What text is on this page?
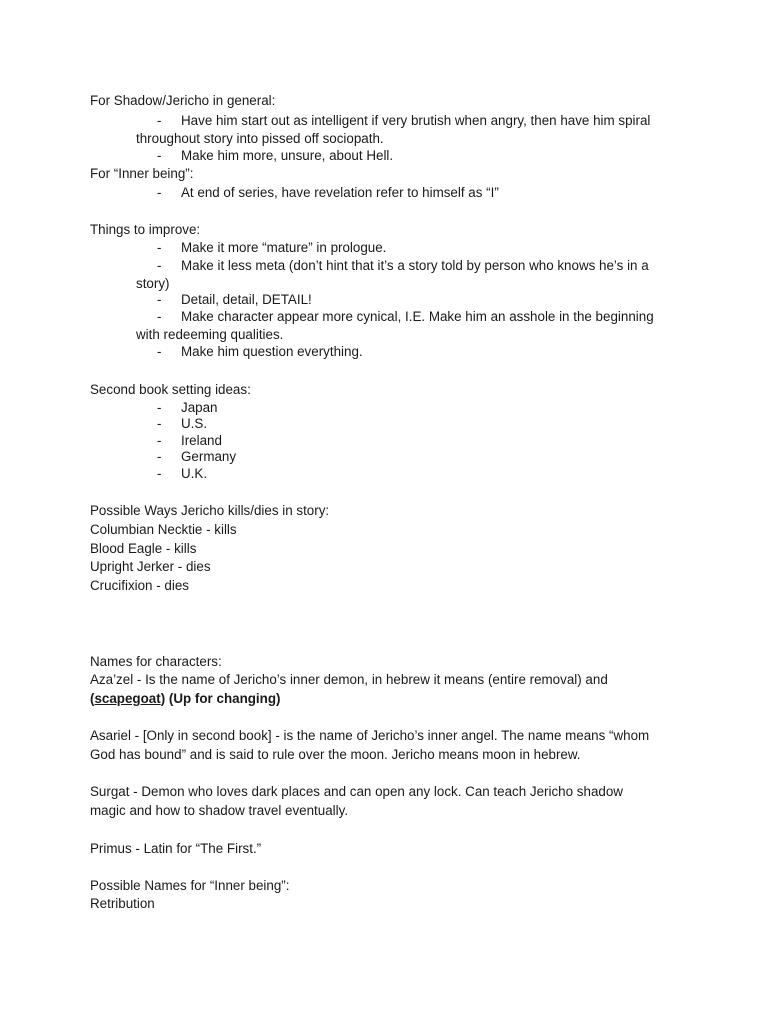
For Shadow/Jericho in general:
- Have him start out as intelligent if very brutish when angry, then have him spiral
throughout story into pissed off sociopath.
- Make him more, unsure, about Hell.
For “Inner being”:
- At end of series, have revelation refer to himself as “I”
Things to improve:
- Make it more “mature” in prologue.
- Make it less meta (don’t hint that it’s a story told by person who knows he’s in a
story)
- Detail, detail, DETAIL!
- Make character appear more cynical, I.E. Make him an asshole in the beginning
with redeeming qualities.
- Make him question everything.
Second book setting ideas:
- Japan
- U.S.
- Ireland
- Germany
- U.K.
Possible Ways Jericho kills/dies in story:
Columbian Necktie - kills
Blood Eagle - kills
Upright Jerker - dies
Crucifixion - dies
Names for characters:
Aza’zel - Is the name of Jericho’s inner demon, in hebrew it means (entire removal) and
(scapegoat) (Up for changing)
Asariel - [Only in second book] - is the name of Jericho’s inner angel. The name means “whom
God has bound” and is said to rule over the moon. Jericho means moon in hebrew.
Surgat - Demon who loves dark places and can open any lock. Can teach Jericho shadow
magic and how to shadow travel eventually.
Primus - Latin for “The First.”
Possible Names for “Inner being”:
Retribution
